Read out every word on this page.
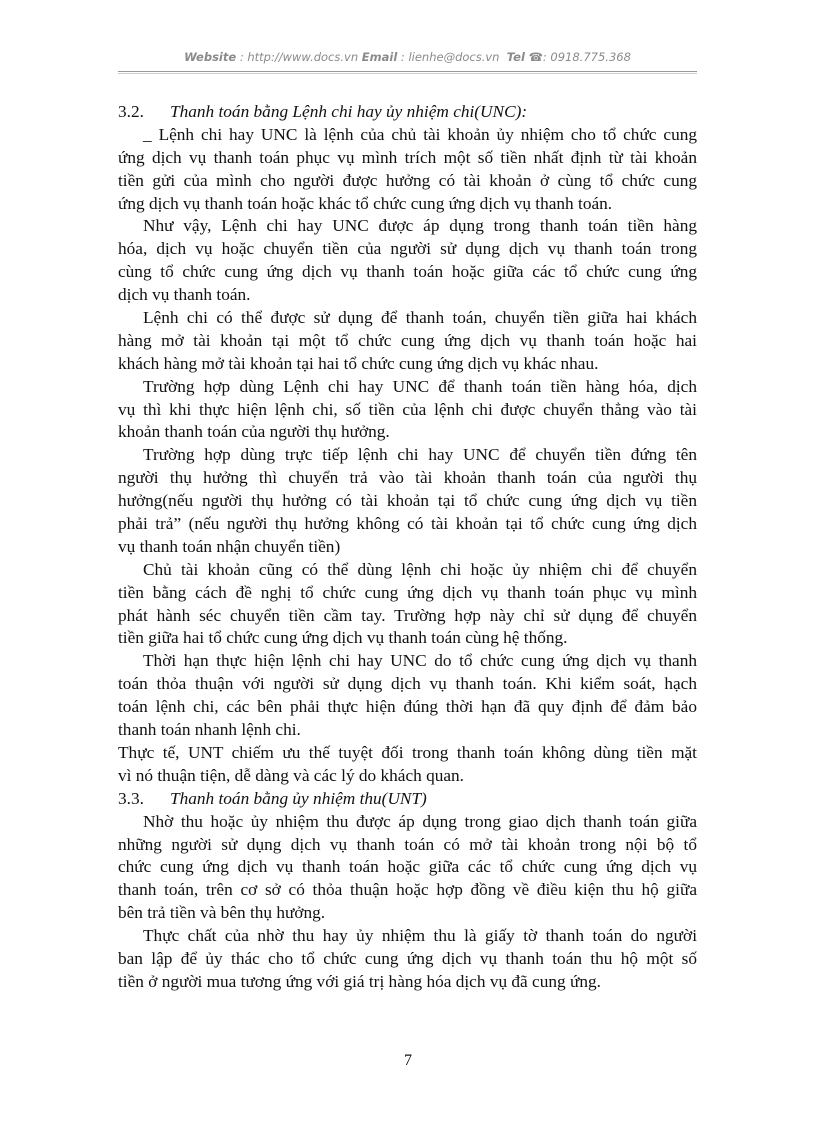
Website : http://www.docs.vn Email : lienhe@docs.vn Tel ☎: 0918.775.368
3.2. Thanh toán bằng Lệnh chi hay ủy nhiệm chi(UNC):
_ Lệnh chi hay UNC là lệnh của chủ tài khoản ủy nhiệm cho tổ chức cung
ứng dịch vụ thanh toán phục vụ mình trích một số tiền nhất định từ tài khoản
tiền gửi của mình cho người được hưởng có tài khoản ở cùng tổ chức cung
ứng dịch vụ thanh toán hoặc khác tổ chức cung ứng dịch vụ thanh toán.
Như vậy, Lệnh chi hay UNC được áp dụng trong thanh toán tiền hàng
hóa, dịch vụ hoặc chuyển tiền của người sử dụng dịch vụ thanh toán trong
cùng tổ chức cung ứng dịch vụ thanh toán hoặc giữa các tổ chức cung ứng
dịch vụ thanh toán.
Lệnh chi có thể được sử dụng để thanh toán, chuyển tiền giữa hai khách
hàng mở tài khoản tại một tổ chức cung ứng dịch vụ thanh toán hoặc hai
khách hàng mở tài khoản tại hai tổ chức cung ứng dịch vụ khác nhau.
Trường hợp dùng Lệnh chi hay UNC để thanh toán tiền hàng hóa, dịch
vụ thì khi thực hiện lệnh chi, số tiền của lệnh chi được chuyển thẳng vào tài
khoản thanh toán của người thụ hưởng.
Trường hợp dùng trực tiếp lệnh chi hay UNC để chuyển tiền đứng tên
người thụ hưởng thì chuyển trả vào tài khoản thanh toán của người thụ
hưởng(nếu người thụ hưởng có tài khoản tại tổ chức cung ứng dịch vụ tiền
phải trả” (nếu người thụ hưởng không có tài khoản tại tổ chức cung ứng dịch
vụ thanh toán nhận chuyển tiền)
Chủ tài khoản cũng có thể dùng lệnh chi hoặc ủy nhiệm chi để chuyển
tiền bằng cách đề nghị tổ chức cung ứng dịch vụ thanh toán phục vụ mình
phát hành séc chuyển tiền cầm tay. Trường hợp này chỉ sử dụng để chuyển
tiền giữa hai tổ chức cung ứng dịch vụ thanh toán cùng hệ thống.
Thời hạn thực hiện lệnh chi hay UNC do tổ chức cung ứng dịch vụ thanh
toán thỏa thuận với người sử dụng dịch vụ thanh toán. Khi kiểm soát, hạch
toán lệnh chi, các bên phải thực hiện đúng thời hạn đã quy định để đảm bảo
thanh toán nhanh lệnh chi.
Thực tế, UNT chiếm ưu thế tuyệt đối trong thanh toán không dùng tiền mặt
vì nó thuận tiện, dễ dàng và các lý do khách quan.
3.3. Thanh toán bằng ủy nhiệm thu(UNT)
Nhờ thu hoặc ủy nhiệm thu được áp dụng trong giao dịch thanh toán giữa
những người sử dụng dịch vụ thanh toán có mở tài khoản trong nội bộ tổ
chức cung ứng dịch vụ thanh toán hoặc giữa các tổ chức cung ứng dịch vụ
thanh toán, trên cơ sở có thỏa thuận hoặc hợp đồng về điều kiện thu hộ giữa
bên trả tiền và bên thụ hưởng.
Thực chất của nhờ thu hay ủy nhiệm thu là giấy tờ thanh toán do người
ban lập để ủy thác cho tổ chức cung ứng dịch vụ thanh toán thu hộ một số
tiền ở người mua tương ứng với giá trị hàng hóa dịch vụ đã cung ứng.
7
